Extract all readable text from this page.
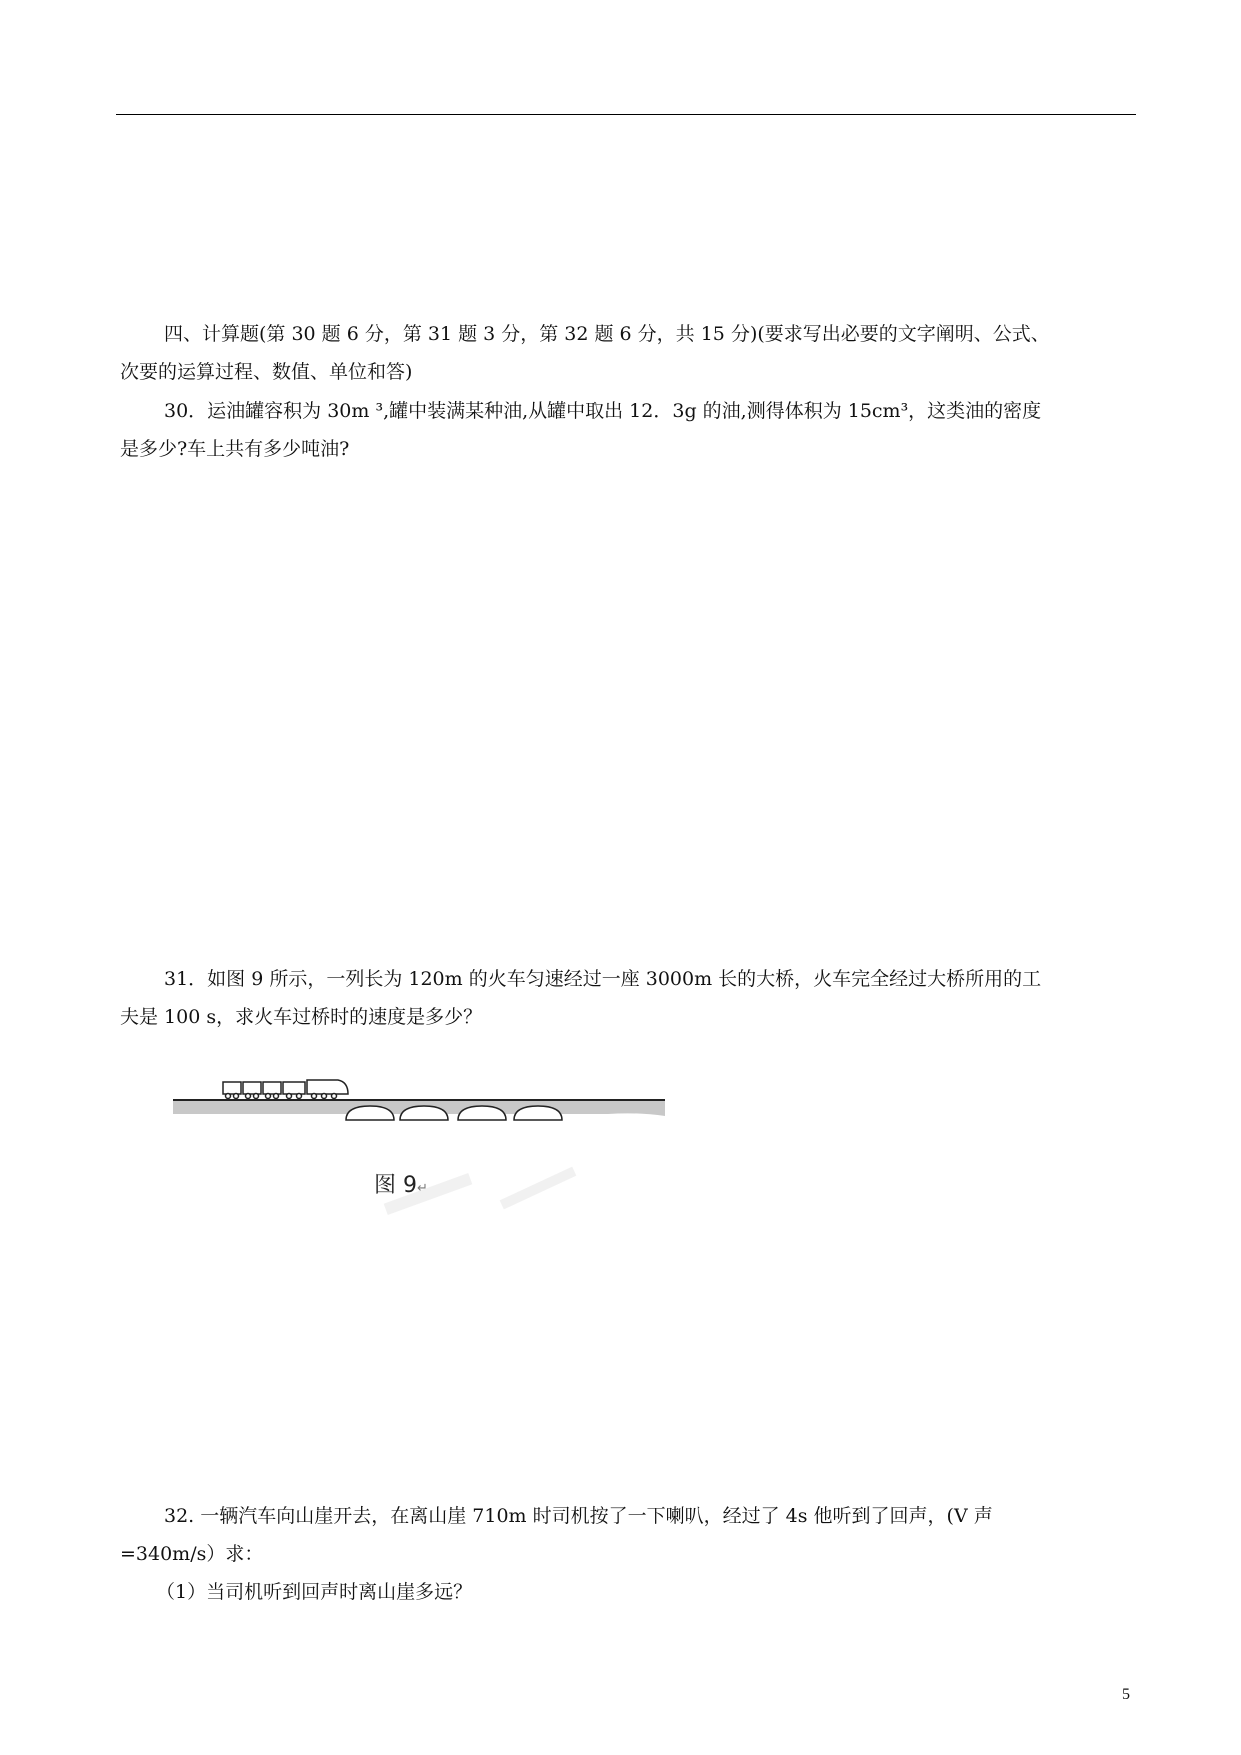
四、计算题(第 30 题 6 分，第 31 题 3 分，第 32 题 6 分，共 15 分)(要求写出必要的文字阐明、公式、
次要的运算过程、数值、单位和答)
30．运油罐容积为 30m ³,罐中装满某种油,从罐中取出 12．3g 的油,测得体积为 15cm³，这类油的密度
是多少?车上共有多少吨油?
31．如图 9 所示，一列长为 120m 的火车匀速经过一座 3000m 长的大桥，火车完全经过大桥所用的工
夫是 100 s，求火车过桥时的速度是多少？
图 9↵
32. 一辆汽车向山崖开去，在离山崖 710m 时司机按了一下喇叭，经过了 4s 他听到了回声，(V 声
=340m/s）求：
（1）当司机听到回声时离山崖多远？
5
